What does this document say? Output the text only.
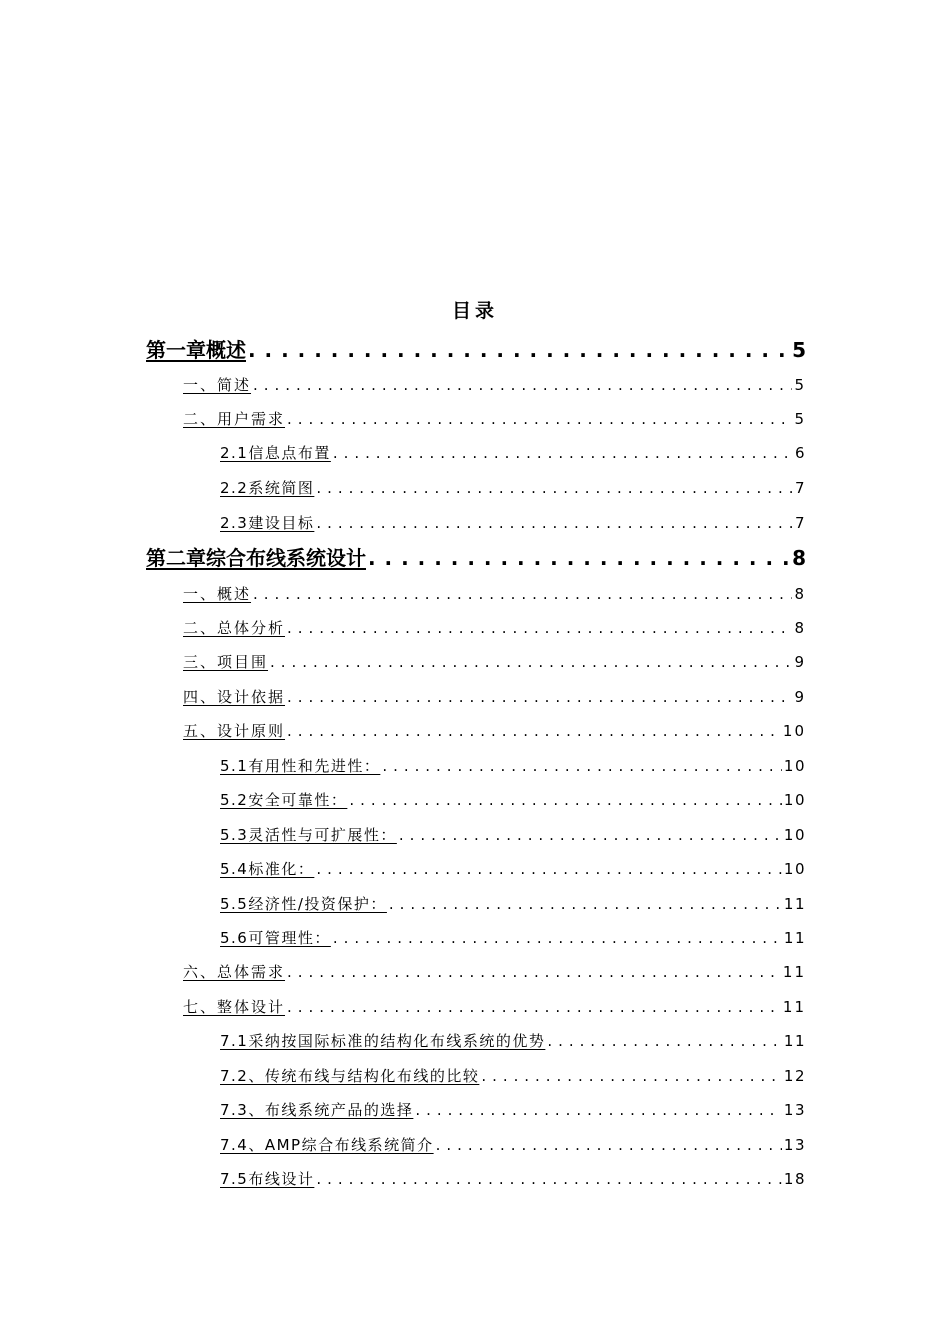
目录
第一章概述 . . .	5
一、简述 . . .	5
二、用户需求 . . .	5
2.1信息点布置 . . .	6
2.2系统简图 . . .	7
2.3建设目标 . . .	7
第二章综合布线系统设计 . . .	8
一、概述 . . .	8
二、总体分析 . . .	8
三、项目围 . . .	9
四、设计依据 . . .	9
五、设计原则 . . .	10
5.1有用性和先进性： . . .	10
5.2安全可靠性： . . .	10
5.3灵活性与可扩展性： . . .	10
5.4标准化： . . .	10
5.5经济性/投资保护： . . .	11
5.6可管理性： . . .	11
六、总体需求 . . .	11
七、整体设计 . . .	11
7.1采纳按国际标准的结构化布线系统的优势 . . .	11
7.2、传统布线与结构化布线的比较 . . .	12
7.3、布线系统产品的选择 . . .	13
7.4、AMP综合布线系统简介 . . .	13
7.5布线设计 . . .	18
